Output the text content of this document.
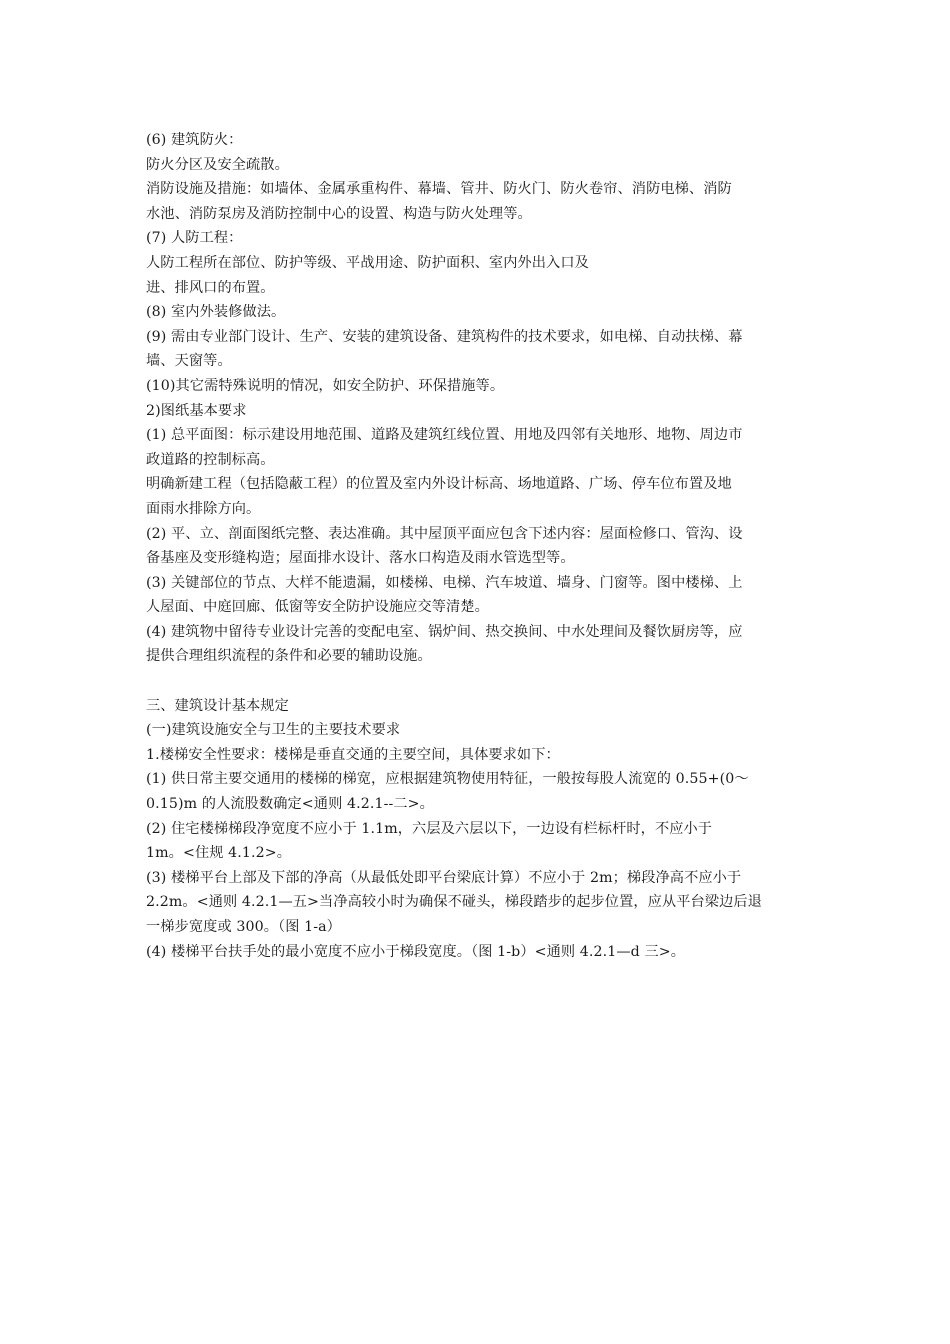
(6) 建筑防火：
防火分区及安全疏散。
消防设施及措施：如墙体、金属承重构件、幕墙、管井、防火门、防火卷帘、消防电梯、消防
水池、消防泵房及消防控制中心的设置、构造与防火处理等。
(7) 人防工程：
人防工程所在部位、防护等级、平战用途、防护面积、室内外出入口及
进、排风口的布置。
(8) 室内外装修做法。
(9) 需由专业部门设计、生产、安装的建筑设备、建筑构件的技术要求，如电梯、自动扶梯、幕
墙、天窗等。
(10)其它需特殊说明的情况，如安全防护、环保措施等。
2)图纸基本要求
(1) 总平面图：标示建设用地范围、道路及建筑红线位置、用地及四邻有关地形、地物、周边市
政道路的控制标高。
明确新建工程（包括隐蔽工程）的位置及室内外设计标高、场地道路、广场、停车位布置及地
面雨水排除方向。
(2) 平、立、剖面图纸完整、表达准确。其中屋顶平面应包含下述内容：屋面检修口、管沟、设
备基座及变形缝构造；屋面排水设计、落水口构造及雨水管选型等。
(3) 关键部位的节点、大样不能遗漏，如楼梯、电梯、汽车坡道、墙身、门窗等。图中楼梯、上
人屋面、中庭回廊、低窗等安全防护设施应交等清楚。
(4) 建筑物中留待专业设计完善的变配电室、锅炉间、热交换间、中水处理间及餐饮厨房等，应
提供合理组织流程的条件和必要的辅助设施。
三、建筑设计基本规定
(一)建筑设施安全与卫生的主要技术要求
1.楼梯安全性要求：楼梯是垂直交通的主要空间，具体要求如下：
(1) 供日常主要交通用的楼梯的梯宽，应根据建筑物使用特征，一般按每股人流宽的 0.55+(0～
0.15)m 的人流股数确定<通则 4.2.1--二>。
(2) 住宅楼梯梯段净宽度不应小于 1.1m，六层及六层以下，一边设有栏标杆时，不应小于
1m。<住规 4.1.2>。
(3) 楼梯平台上部及下部的净高（从最低处即平台梁底计算）不应小于 2m；梯段净高不应小于
2.2m。<通则 4.2.1—五>当净高较小时为确保不碰头，梯段踏步的起步位置，应从平台梁边后退
一梯步宽度或 300。（图 1-a）
(4) 楼梯平台扶手处的最小宽度不应小于梯段宽度。（图 1-b）<通则 4.2.1—d 三>。
